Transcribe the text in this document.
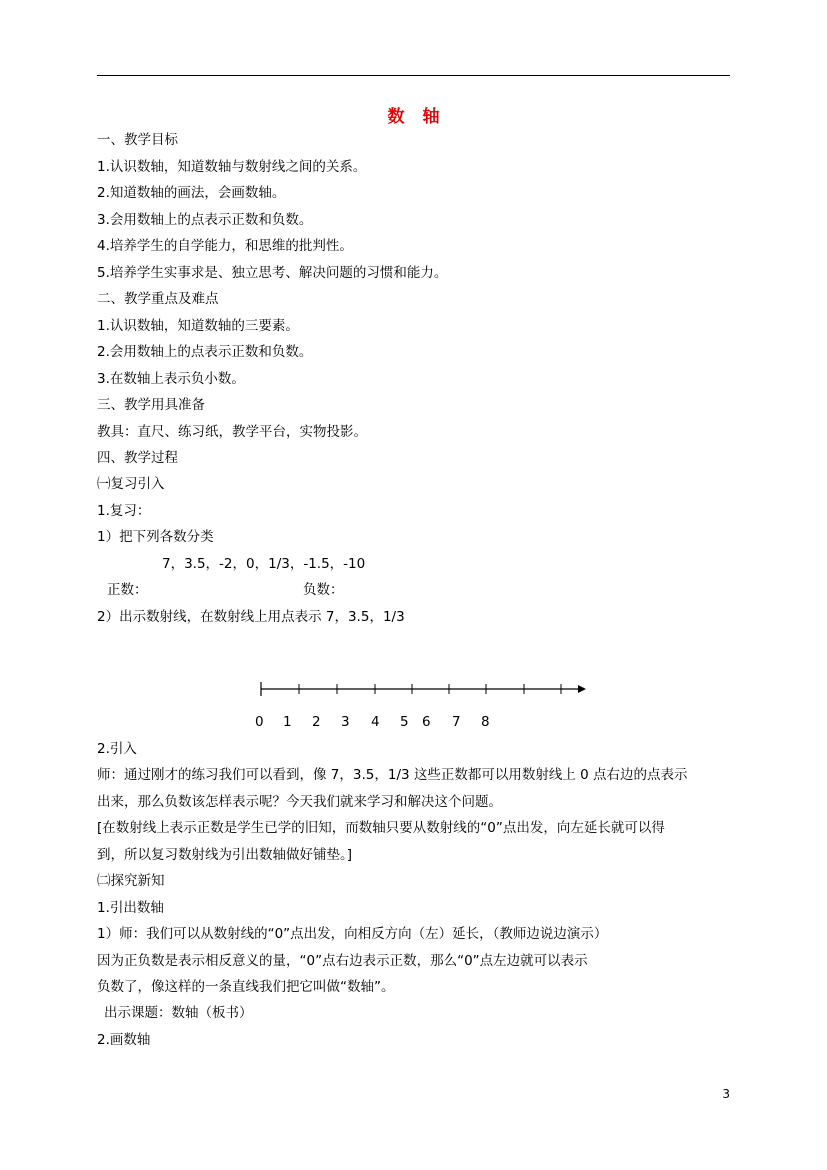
数 轴
一、教学目标
1.认识数轴，知道数轴与数射线之间的关系。
2.知道数轴的画法，会画数轴。
3.会用数轴上的点表示正数和负数。
4.培养学生的自学能力，和思维的批判性。
5.培养学生实事求是、独立思考、解决问题的习惯和能力。
二、教学重点及难点
1.认识数轴，知道数轴的三要素。
2.会用数轴上的点表示正数和负数。
3.在数轴上表示负小数。
三、教学用具准备
教具：直尺、练习纸，教学平台，实物投影。
四、教学过程
㈠复习引入
1.复习：
1）把下列各数分类
7，3.5，-2，0，1/3，-1.5，-10
正数：	负数：
2）出示数射线，在数射线上用点表示 7，3.5，1/3
0 1 2 3 4 5 6 7 8
2.引入
师：通过刚才的练习我们可以看到，像 7，3.5，1/3 这些正数都可以用数射线上 0 点右边的点表示
出来，那么负数该怎样表示呢？今天我们就来学习和解决这个问题。
[在数射线上表示正数是学生已学的旧知，而数轴只要从数射线的“0”点出发，向左延长就可以得
到，所以复习数射线为引出数轴做好铺垫。]
㈡探究新知
1.引出数轴
1）师：我们可以从数射线的“0”点出发，向相反方向（左）延长，（教师边说边演示）
因为正负数是表示相反意义的量，“0”点右边表示正数，那么“0”点左边就可以表示
负数了，像这样的一条直线我们把它叫做“数轴”。
出示课题：数轴（板书）
2.画数轴
3
